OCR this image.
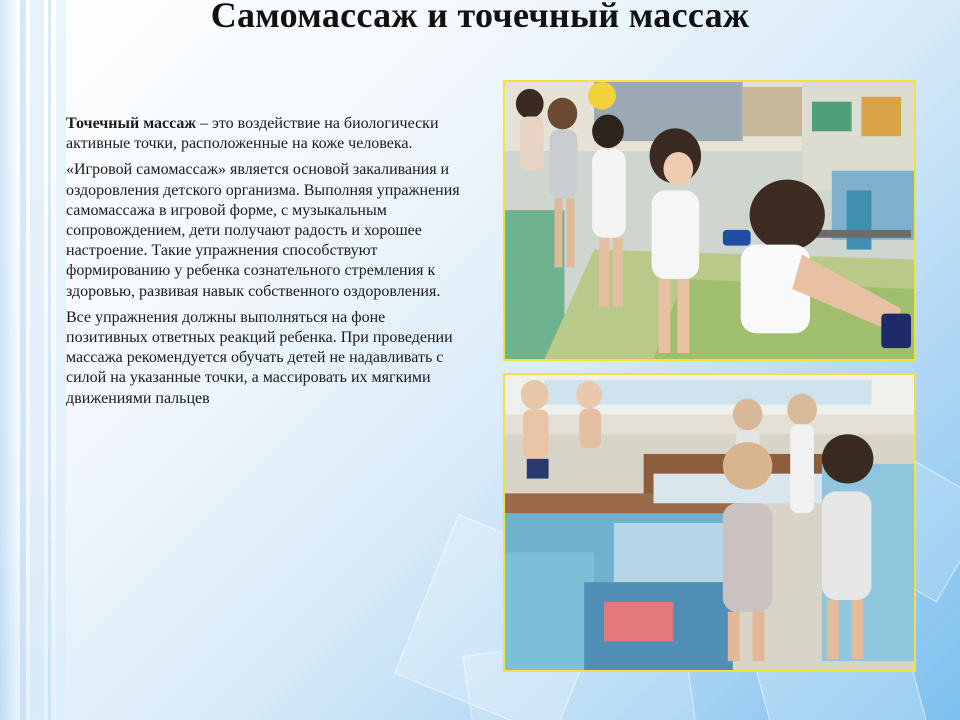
Самомассаж и точечный массаж

Точечный массаж – это воздействие на биологически активные точки, расположенные на коже человека.

«Игровой самомассаж» является основой закаливания и оздоровления детского организма. Выполняя упражнения самомассажа в игровой форме, с музыкальным сопровождением, дети получают радость и хорошее настроение. Такие упражнения способствуют формированию у ребенка сознательного стремления к здоровью, развивая навык собственного оздоровления.

Все упражнения должны выполняться на фоне позитивных ответных реакций ребенка. При проведении массажа рекомендуется обучать детей не надавливать с силой на указанные точки, а массировать их мягкими движениями пальцев
